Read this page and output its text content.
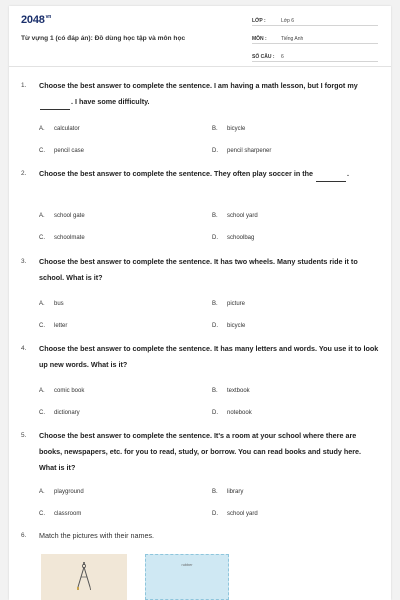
$2048^{vn}$
Từ vựng 1 (có đáp án): Đồ dùng học tập và môn học
LỚP :	Lớp 6
MÔN :	Tiếng Anh
SỐ CÂU :	6
1. Choose the best answer to complete the sentence. I am having a math lesson, but I forgot my . I have some difficulty.
A.	calculator	B.	bicycle
C.	pencil case	D.	pencil sharpener
2. Choose the best answer to complete the sentence. They often play soccer in the	.
A.	school gate	B.	school yard
C.	schoolmate	D.	schoolbag
3. Choose the best answer to complete the sentence. It has two wheels. Many students ride it to school. What is it?
A.	bus	B.	picture
C.	letter	D.	bicycle
4. Choose the best answer to complete the sentence. It has many letters and words. You use it to look up new words. What is it?
A.	comic book	B.	textbook
C.	dictionary	D.	notebook
5. Choose the best answer to complete the sentence. It's a room at your school where there are books, newspapers, etc. for you to read, study, or borrow. You can read books and study here. What is it?
A.	playground	B.	library
C.	classroom	D.	school yard
6. Match the pictures with their names.
rubber
